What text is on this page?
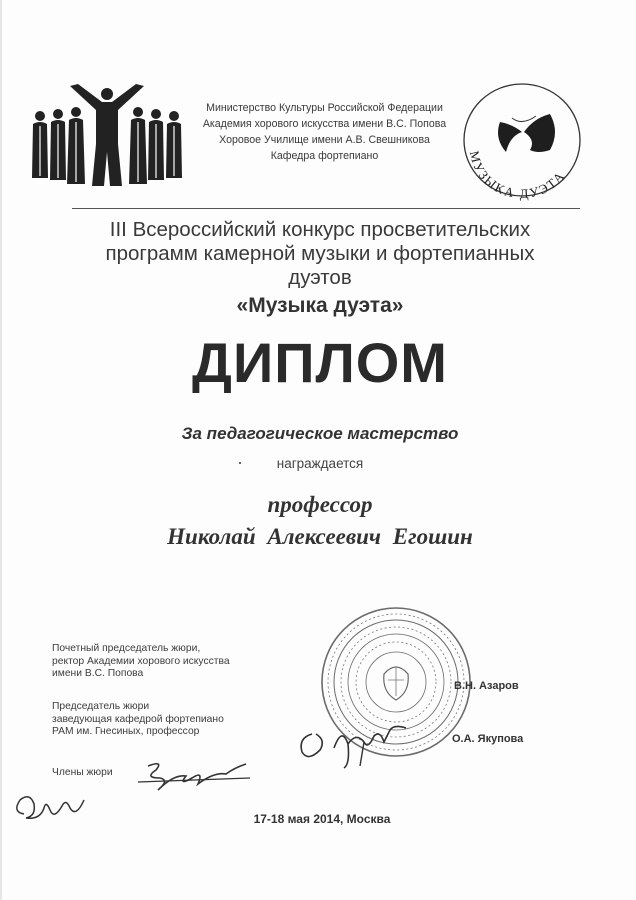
Министерство Культуры Российской Федерации
Академия хорового искусства имени В.С. Попова
Хоровое Училище имени А.В. Свешникова
Кафедра фортепиано	МУЗЫКА ДУЭТА
III Всероссийский конкурс просветительских
программ камерной музыки и фортепианных
дуэтов
«Музыка дуэта»
ДИПЛОМ
За педагогическое мастерство
награждается
профессор
Николай Алексеевич Егошин
Почетный председатель жюри,
ректор Академии хорового искусства
имени В.С. Попова
В.Н. Азаров
Председатель жюри
заведующая кафедрой фортепиано
РАМ им. Гнесиных, профессор
О.А. Якупова
Члены жюри
17-18 мая 2014, Москва
